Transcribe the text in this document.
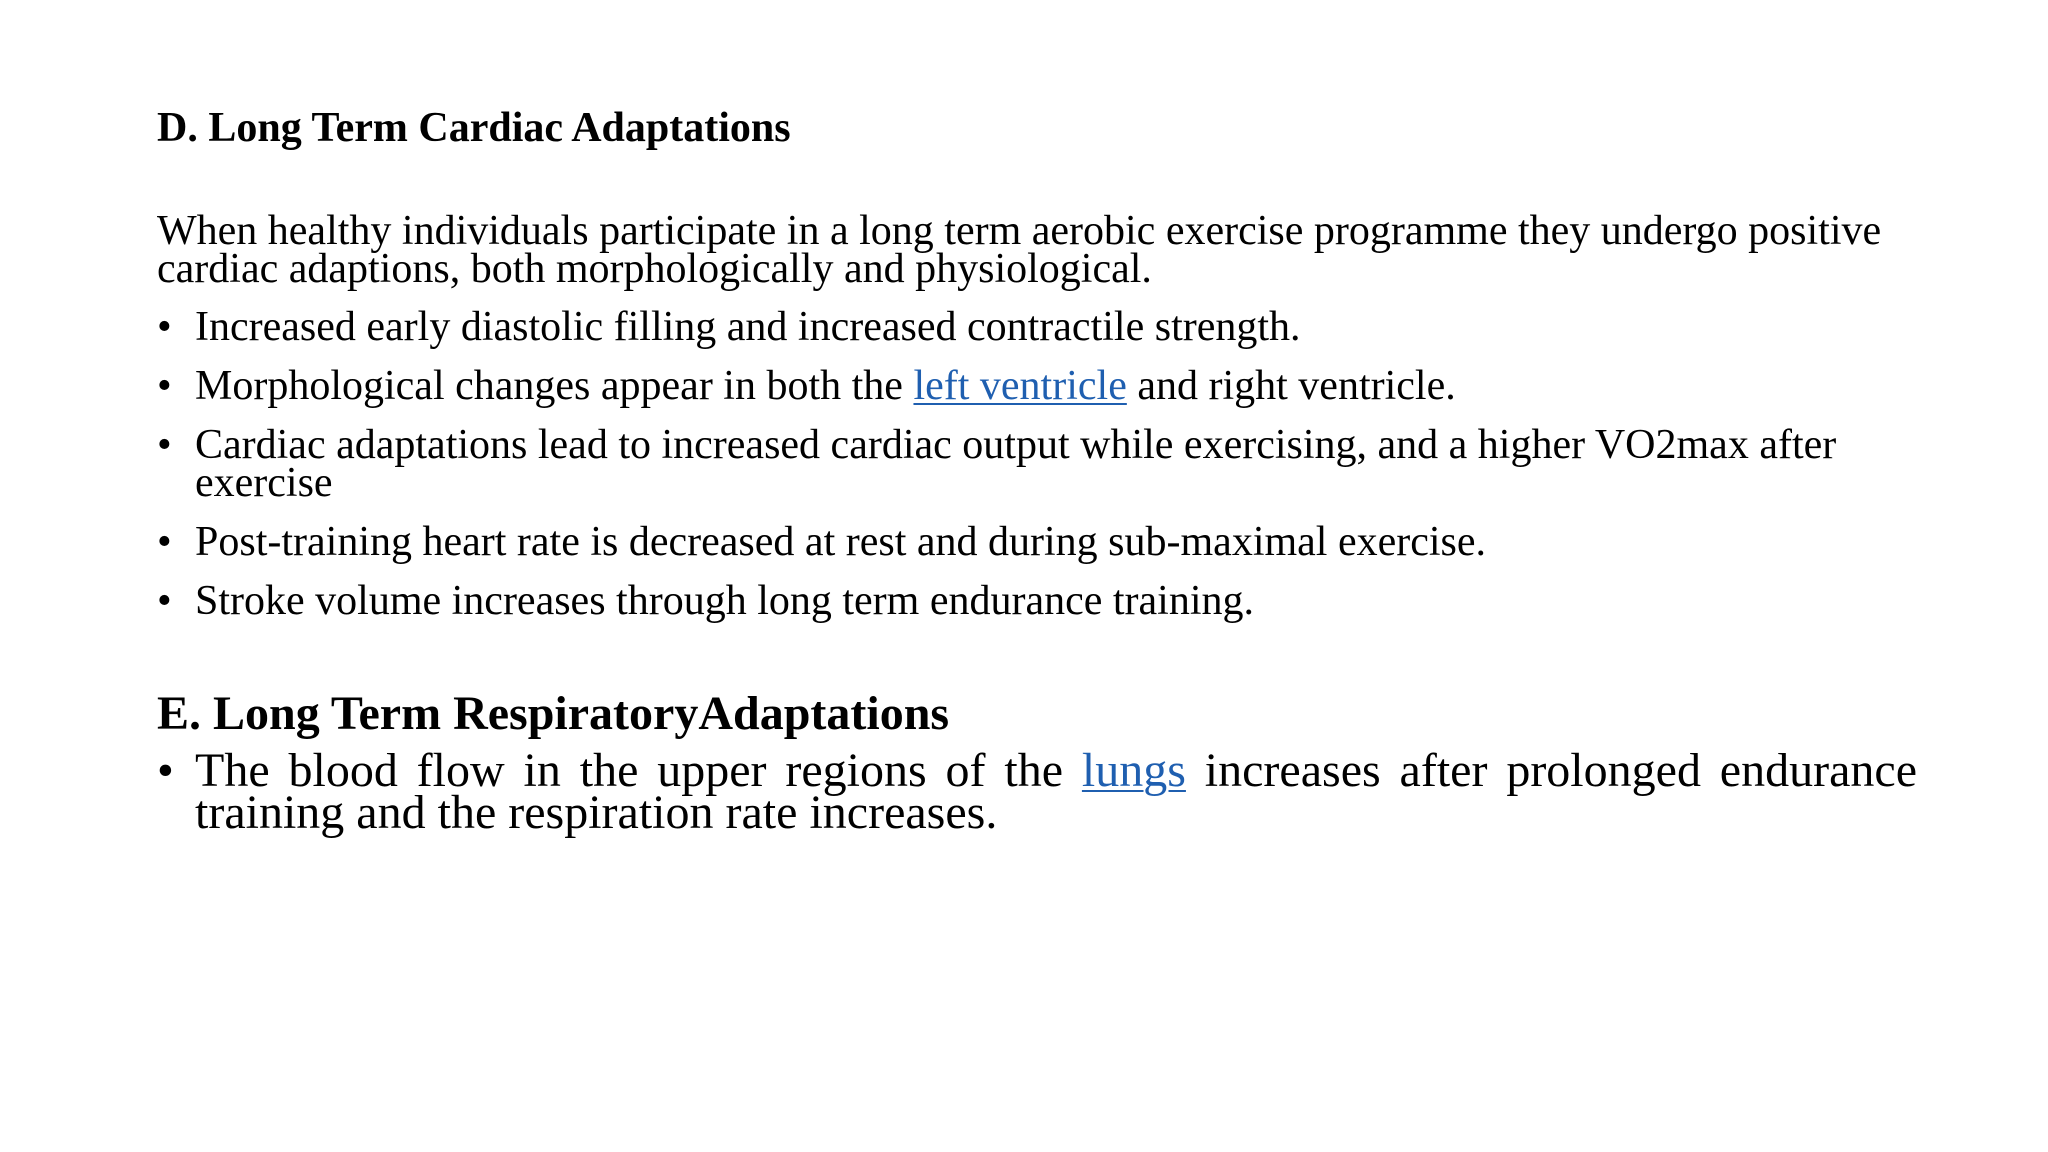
D. Long Term Cardiac Adaptations

When healthy individuals participate in a long term aerobic exercise programme they undergo positive cardiac adaptions, both morphologically and physiological.

• Increased early diastolic filling and increased contractile strength.
• Morphological changes appear in both the left ventricle and right ventricle.
• Cardiac adaptations lead to increased cardiac output while exercising, and a higher VO2max after exercise
• Post-training heart rate is decreased at rest and during sub-maximal exercise.
• Stroke volume increases through long term endurance training.
E. Long Term RespiratoryAdaptations
• The blood flow in the upper regions of the lungs increases after prolonged endurance training and the respiration rate increases.
